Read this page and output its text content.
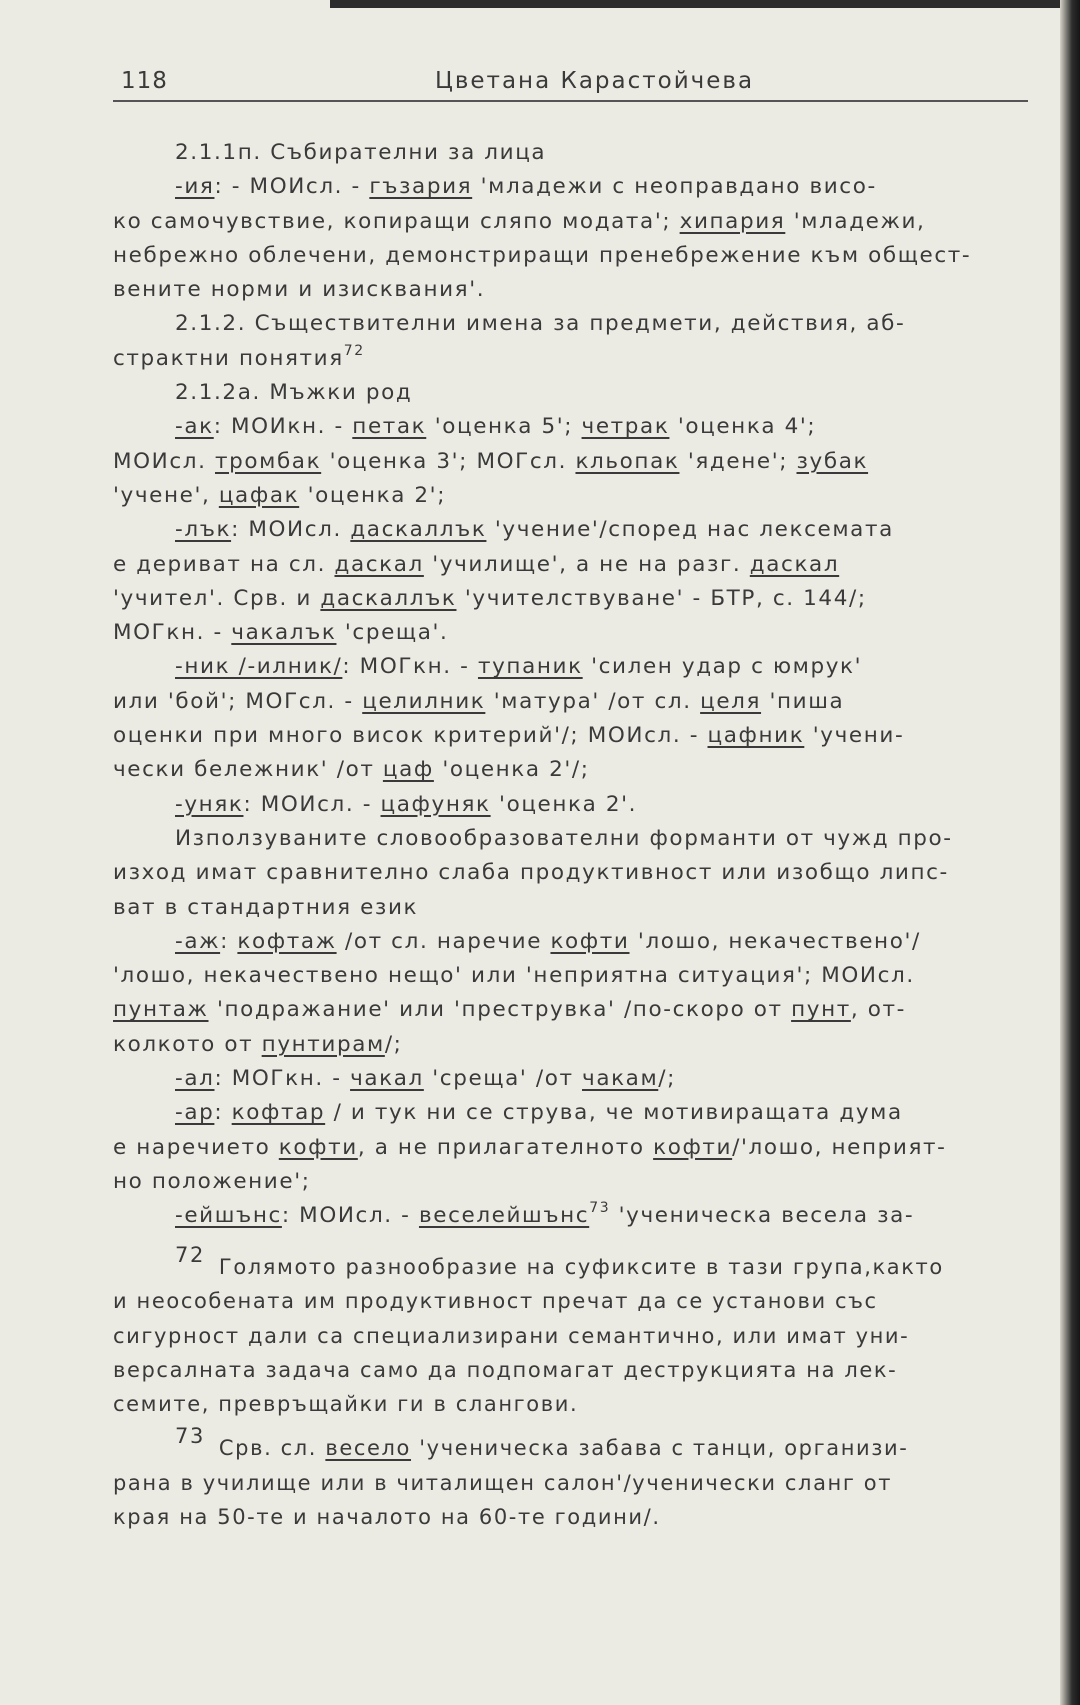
118	Цветана Карастойчева
2.1.1п. Събирателни за лица
-ия: - МОИсл. - гъзария 'младежи с неоправдано висо-
ко самочувствие, копиращи сляпо модата'; хипария 'младежи,
небрежно облечени, демонстриращи пренебрежение към общест-
вените норми и изисквания'.
2.1.2. Съществителни имена за предмети, действия, аб-
страктни понятия$^{72}$
2.1.2а. Мъжки род
-ак: МОИкн. - петак 'оценка 5'; четрак 'оценка 4';
МОИсл. тромбак 'оценка 3'; МОГсл. кльопак 'ядене'; зубак
'учене', цафак 'оценка 2';
-лък: МОИсл. даскаллък 'учение'/според нас лексемата
е дериват на сл. даскал 'училище', а не на разг. даскал
'учител'. Срв. и даскаллък 'учителствуване' - БТР, с. 144/;
МОГкн. - чакалък 'среща'.
-ник /-илник/: МОГкн. - тупаник 'силен удар с юмрук'
или 'бой'; МОГсл. - целилник 'матура' /от сл. целя 'пиша
оценки при много висок критерий'/; МОИсл. - цафник 'учени-
чески бележник' /от цаф 'оценка 2'/;
-уняк: МОИсл. - цафуняк 'оценка 2'.
Използуваните словообразователни форманти от чужд про-
изход имат сравнително слаба продуктивност или изобщо липс-
ват в стандартния език
-аж: кофтаж /от сл. наречие кофти 'лошо, некачествено'/
'лошо, некачествено нещо' или 'неприятна ситуация'; МОИсл.
пунтаж 'подражание' или 'преструвка' /по-скоро от пунт, от-
колкото от пунтирам/;
-ал: МОГкн. - чакал 'среща' /от чакам/;
-ар: кофтар / и тук ни се струва, че мотивиращата дума
е наречието кофти, а не прилагателното кофти/'лошо, неприят-
но положение';
-ейшънс: МОИсл. - веселейшънс$^{73}$ 'ученическа весела за-
72 Голямото разнообразие на суфиксите в тази група,както
и неособената им продуктивност пречат да се установи със
сигурност дали са специализирани семантично, или имат уни-
версалната задача само да подпомагат деструкцията на лек-
семите, превръщайки ги в слангови.
73 Срв. сл. весело 'ученическа забава с танци, организи-
рана в училище или в читалищен салон'/ученически сланг от
края на 50-те и началото на 60-те години/.
